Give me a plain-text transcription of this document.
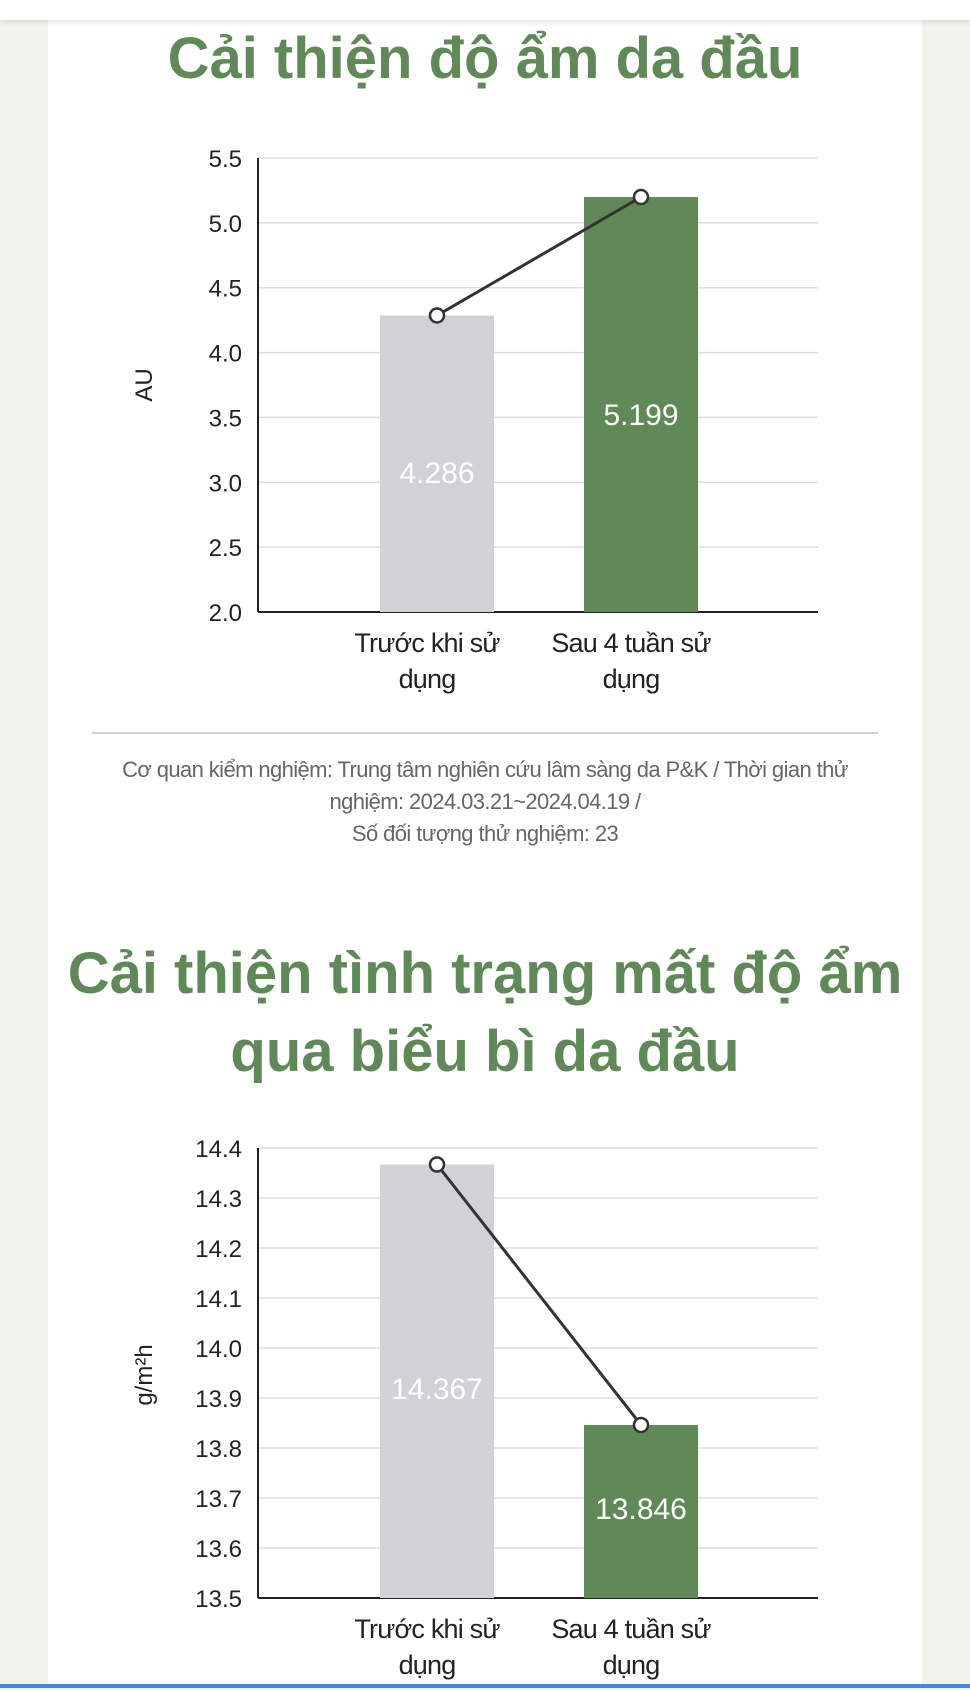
Cải thiện độ ẩm da đầu
2.0
2.5
3.0
3.5
4.0
4.5
5.0
5.5
AU
4.286
Trước khi sử
dụng
5.199
Sau 4 tuần sử
dụng
Cơ quan kiểm nghiệm: Trung tâm nghiên cứu lâm sàng da P&K / Thời gian thử
nghiệm: 2024.03.21~2024.04.19 /
Số đối tượng thử nghiệm: 23
Cải thiện tình trạng mất độ ẩm
qua biểu bì da đầu
13.5
13.6
13.7
13.8
13.9
14.0
14.1
14.2
14.3
14.4
g/m²h	14.367
Trước khi sử
dụng
13.846
Sau 4 tuần sử
dụng
